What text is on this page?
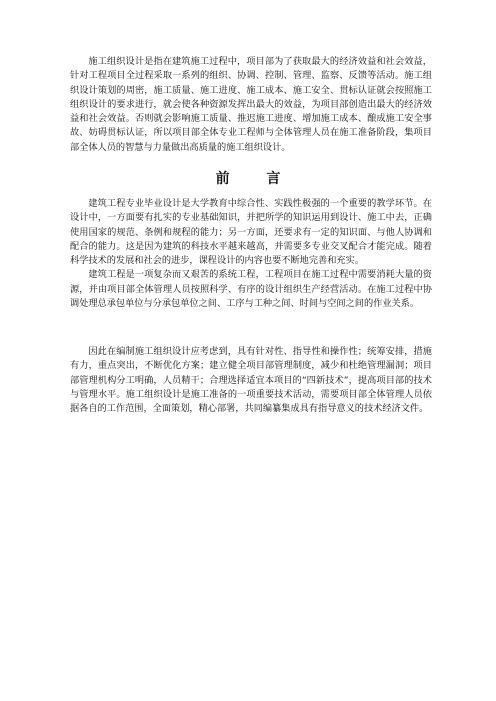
施工组织设计是指在建筑施工过程中，项目部为了获取最大的经济效益和社会效益，针对工程项目全过程采取一系列的组织、协调、控制、管理、监察、反馈等活动。施工组织设计策划的周密，施工质量、施工进度、施工成本、施工安全、贯标认证就会按照施工组织设计的要求进行，就会使各种资源发挥出最大的效益，为项目部创造出最大的经济效益和社会效益。否则就会影响施工质量、推迟施工进度、增加施工成本、酿成施工安全事故、妨碍贯标认证，所以项目部全体专业工程师与全体管理人员在施工准备阶段，集项目部全体人员的智慧与力量做出高质量的施工组织设计。

前 言

建筑工程专业毕业设计是大学教育中综合性、实践性极强的一个重要的教学环节。在设计中，一方面要有扎实的专业基础知识，并把所学的知识运用到设计、施工中去，正确使用国家的规范、条例和规程的能力；另一方面，还要求有一定的知识面、与他人协调和配合的能力。这是因为建筑的科技水平越来越高，并需要多专业交叉配合才能完成。随着科学技术的发展和社会的进步，课程设计的内容也要不断地完善和充实。

建筑工程是一项复杂而又艰苦的系统工程，工程项目在施工过程中需要消耗大量的资源，并由项目部全体管理人员按照科学、有序的设计组织生产经营活动。在施工过程中协调处理总承包单位与分承包单位之间、工序与工种之间、时间与空间之间的作业关系。

因此在编制施工组织设计应考虑到，具有针对性、指导性和操作性；统筹安排，措施有力，重点突出，不断优化方案；建立健全项目部管理制度，减少和杜绝管理漏洞；项目部管理机构分工明确，人员精干；合理选择适宜本项目的“四新技术”，提高项目部的技术与管理水平。施工组织设计是施工准备的一项重要技术活动，需要项目部全体管理人员依据各自的工作范围，全面策划，精心部署，共同编纂集成具有指导意义的技术经济文件。
